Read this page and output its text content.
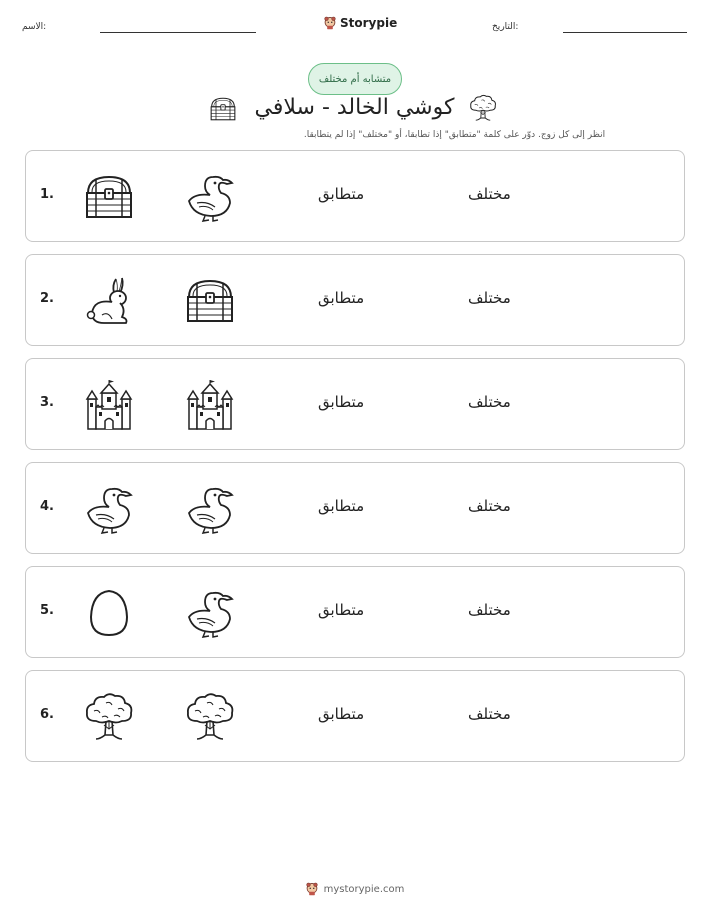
الاسم:	Storypie	التاريخ:
متشابه أم مختلف
كوشي الخالد - سلافي
انظر إلى كل زوج. دوّر على كلمة "متطابق" إذا تطابقا، أو "مختلف" إذا لم يتطابقا.
1.	متطابق	مختلف
2.	متطابق	مختلف
3.	متطابق	مختلف
4.	متطابق	مختلف
5.	متطابق	مختلف
6.	متطابق	مختلف
mystorypie.com
